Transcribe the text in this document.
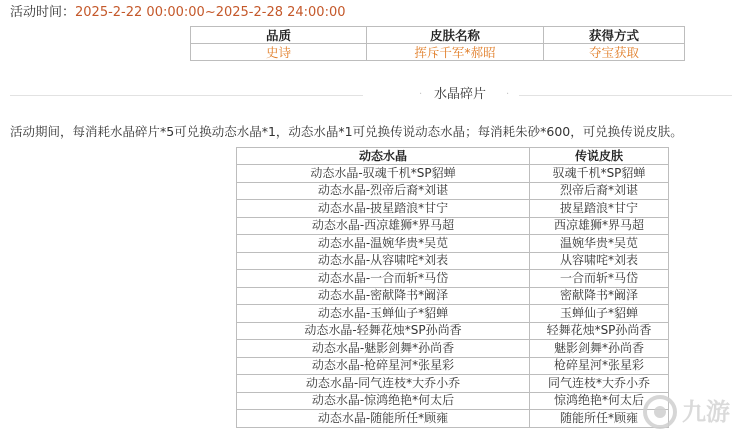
活动时间：2025-2-22 00:00:00~2025-2-28 24:00:00
品质	皮肤名称	获得方式
史诗	挥斥千军*郝昭	夺宝获取
· 水晶碎片 ·
活动期间，每消耗水晶碎片*5可兑换动态水晶*1，动态水晶*1可兑换传说动态水晶；每消耗朱砂*600，可兑换传说皮肤。
动态水晶	传说皮肤
动态水晶-驭魂千机*SP貂蝉	驭魂千机*SP貂蝉
动态水晶-烈帝后裔*刘谌	烈帝后裔*刘谌
动态水晶-披星踏浪*甘宁	披星踏浪*甘宁
动态水晶-西凉雄狮*界马超	西凉雄狮*界马超
动态水晶-温婉华贵*吴苋	温婉华贵*吴苋
动态水晶-从容啸咤*刘表	从容啸咤*刘表
动态水晶-一合而斩*马岱	一合而斩*马岱
动态水晶-密献降书*阚泽	密献降书*阚泽
动态水晶-玉蝉仙子*貂蝉	玉蝉仙子*貂蝉
动态水晶-轻舞花烛*SP孙尚香	轻舞花烛*SP孙尚香
动态水晶-魅影剑舞*孙尚香	魅影剑舞*孙尚香
动态水晶-枪碎星河*张星彩	枪碎星河*张星彩
动态水晶-同气连枝*大乔小乔	同气连枝*大乔小乔
动态水晶-惊鸿绝艳*何太后	惊鸿绝艳*何太后
动态水晶-随能所任*顾雍	随能所任*顾雍 九游
